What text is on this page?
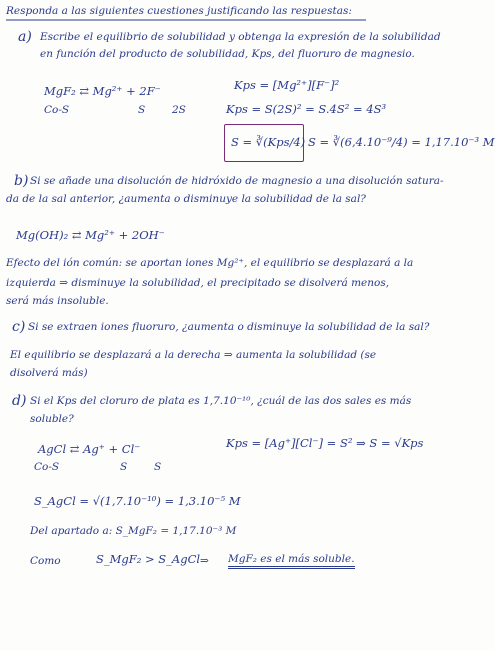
Responda a las siguientes cuestiones justificando las respuestas:
a) Escribe el equilibrio de solubilidad y obtenga la expresión de la solubilidad
en función del producto de solubilidad, Kps, del fluoruro de magnesio.
MgF₂ ⇄ Mg²⁺ + 2F⁻
Co-S	S	2S
Kps = [Mg²⁺][F⁻]²
Kps = S(2S)² = S.4S² = 4S³
S = ∛(Kps/4) S = ∛(6,4.10⁻⁹/4) = 1,17.10⁻³ M
b) Si se añade una disolución de hidróxido de magnesio a una disolución satura-
da de la sal anterior, ¿aumenta o disminuye la solubilidad de la sal?
Mg(OH)₂ ⇄ Mg²⁺ + 2OH⁻
Efecto del ión común: se aportan iones Mg²⁺, el equilibrio se desplazará a la
izquierda ⇒ disminuye la solubilidad, el precipitado se disolverá menos,
será más insoluble.
c) Si se extraen iones fluoruro, ¿aumenta o disminuye la solubilidad de la sal?
El equilibrio se desplazará a la derecha ⇒ aumenta la solubilidad (se
disolverá más)
d) Si el Kps del cloruro de plata es 1,7.10⁻¹⁰, ¿cuál de las dos sales es más
soluble?
AgCl ⇄ Ag⁺ + Cl⁻
Co-S	S	S
Kps = [Ag⁺][Cl⁻] = S² ⇒ S = √Kps
S_AgCl = √(1,7.10⁻¹⁰) = 1,3.10⁻⁵ M
Del apartado a: S_MgF₂ = 1,17.10⁻³ M
Como	S_MgF₂ > S_AgCl ⇒ MgF₂ es el más soluble.
